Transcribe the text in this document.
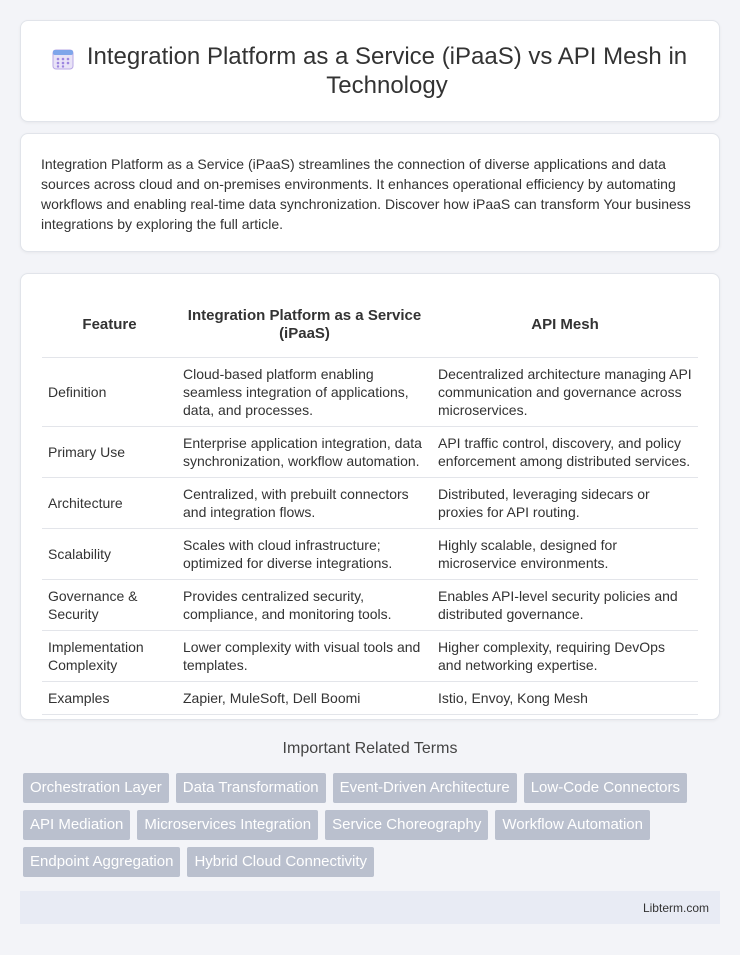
Integration Platform as a Service (iPaaS) vs API Mesh in Technology

Integration Platform as a Service (iPaaS) streamlines the connection of diverse applications and data sources across cloud and on-premises environments. It enhances operational efficiency by automating workflows and enabling real-time data synchronization. Discover how iPaaS can transform Your business integrations by exploring the full article.

Feature	Integration Platform as a Service (iPaaS)	API Mesh
Definition	Cloud-based platform enabling seamless integration of applications, data, and processes.	Decentralized architecture managing API communication and governance across microservices.
Primary Use	Enterprise application integration, data synchronization, workflow automation.	API traffic control, discovery, and policy enforcement among distributed services.
Architecture	Centralized, with prebuilt connectors and integration flows.	Distributed, leveraging sidecars or proxies for API routing.
Scalability	Scales with cloud infrastructure; optimized for diverse integrations.	Highly scalable, designed for microservice environments.
Governance & Security	Provides centralized security, compliance, and monitoring tools.	Enables API-level security policies and distributed governance.
Implementation Complexity	Lower complexity with visual tools and templates.	Higher complexity, requiring DevOps and networking expertise.
Examples	Zapier, MuleSoft, Dell Boomi	Istio, Envoy, Kong Mesh
Important Related Terms
Orchestration Layer	Data Transformation	Event-Driven Architecture	Low-Code Connectors
API Mediation	Microservices Integration	Service Choreography	Workflow Automation
Endpoint Aggregation	Hybrid Cloud Connectivity
Libterm.com
